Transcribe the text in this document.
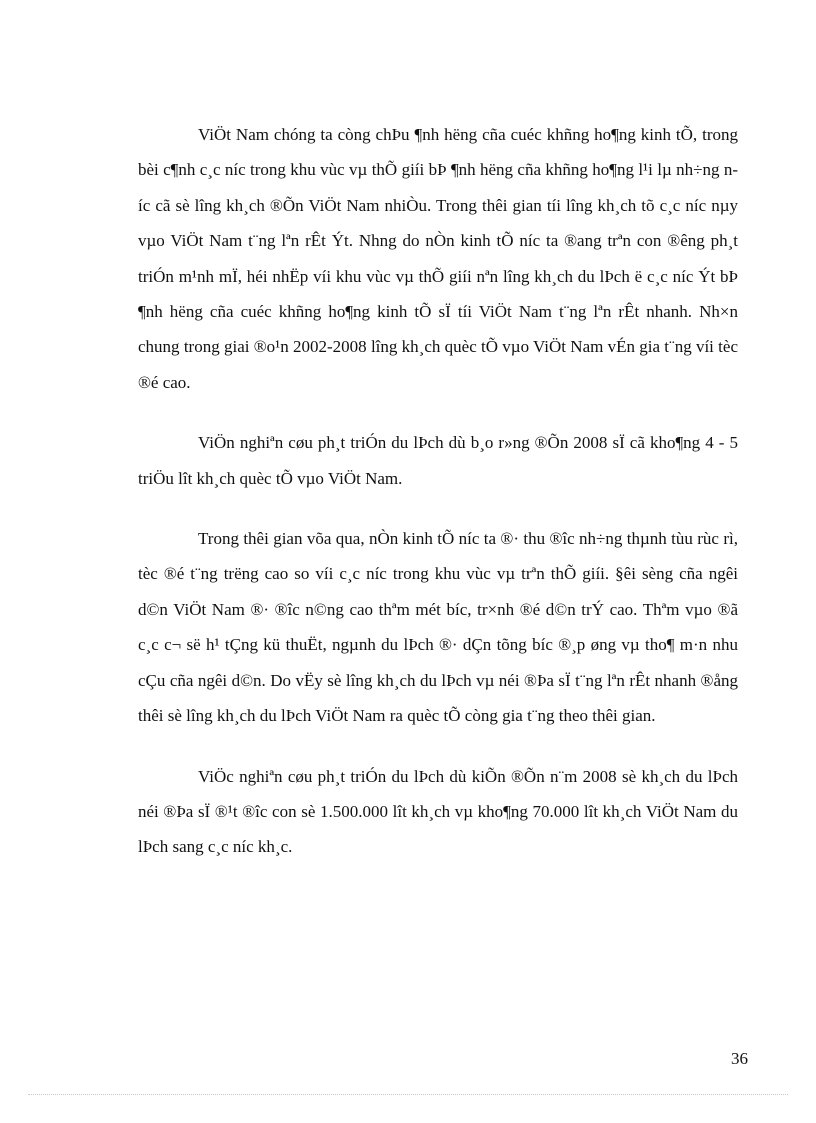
ViÖt Nam chóng ta còng chÞu ¶nh hëng cña cuéc khñng ho¶ng kinh tÕ, trong bèi c¶nh c¸c níc trong khu vùc vµ thÕ giíi bÞ ¶nh hëng cña khñng ho¶ng l¹i lµ nh÷ng níc cã sè lîng kh¸ch ®Õn ViÖt Nam nhiÒu. Trong thêi gian tíi lîng kh¸ch tõ c¸c níc nµy vµo ViÖt Nam t¨ng lªn rÊt Ýt. Nhng do nÒn kinh tÕ níc ta ®ang trªn con ®êng ph¸t triÓn m¹nh mÏ, héi nhËp víi khu vùc vµ thÕ giíi nªn lîng kh¸ch du lÞch ë c¸c níc Ýt bÞ ¶nh hëng cña cuéc khñng ho¶ng kinh tÕ sÏ tíi ViÖt Nam t¨ng lªn rÊt nhanh. Nh×n chung trong giai ®o¹n 2002-2008 lîng kh¸ch quèc tÕ vµo ViÖt Nam vÉn gia t¨ng víi tèc ®é cao.

ViÖn nghiªn cøu ph¸t triÓn du lÞch dù b¸o r»ng ®Õn 2008 sÏ cã kho¶ng 4 - 5 triÖu lît kh¸ch quèc tÕ vµo ViÖt Nam.

Trong thêi gian võa qua, nÒn kinh tÕ níc ta ®· thu ®îc nh÷ng thµnh tùu rùc rì, tèc ®é t¨ng trëng cao so víi c¸c níc trong khu vùc vµ trªn thÕ giíi. §êi sèng cña ngêi d©n ViÖt Nam ®· ®îc n©ng cao thªm mét bíc, tr×nh ®é d©n trÝ cao. Thªm vµo ®ã c¸c c¬ së h¹ tÇng kü thuËt, ngµnh du lÞch ®· dÇn tõng bíc ®¸p øng vµ tho¶ m·n nhu cÇu cña ngêi d©n. Do vËy sè lîng kh¸ch du lÞch vµ néi ®Þa sÏ t¨ng lªn rÊt nhanh ®ång thêi sè lîng kh¸ch du lÞch ViÖt Nam ra quèc tÕ còng gia t¨ng theo thêi gian.

ViÖc nghiªn cøu ph¸t triÓn du lÞch dù kiÕn ®Õn n¨m 2008 sè kh¸ch du lÞch néi ®Þa sÏ ®¹t ®îc con sè 1.500.000 lît kh¸ch vµ kho¶ng 70.000 lît kh¸ch ViÖt Nam du lÞch sang c¸c níc kh¸c.

36
